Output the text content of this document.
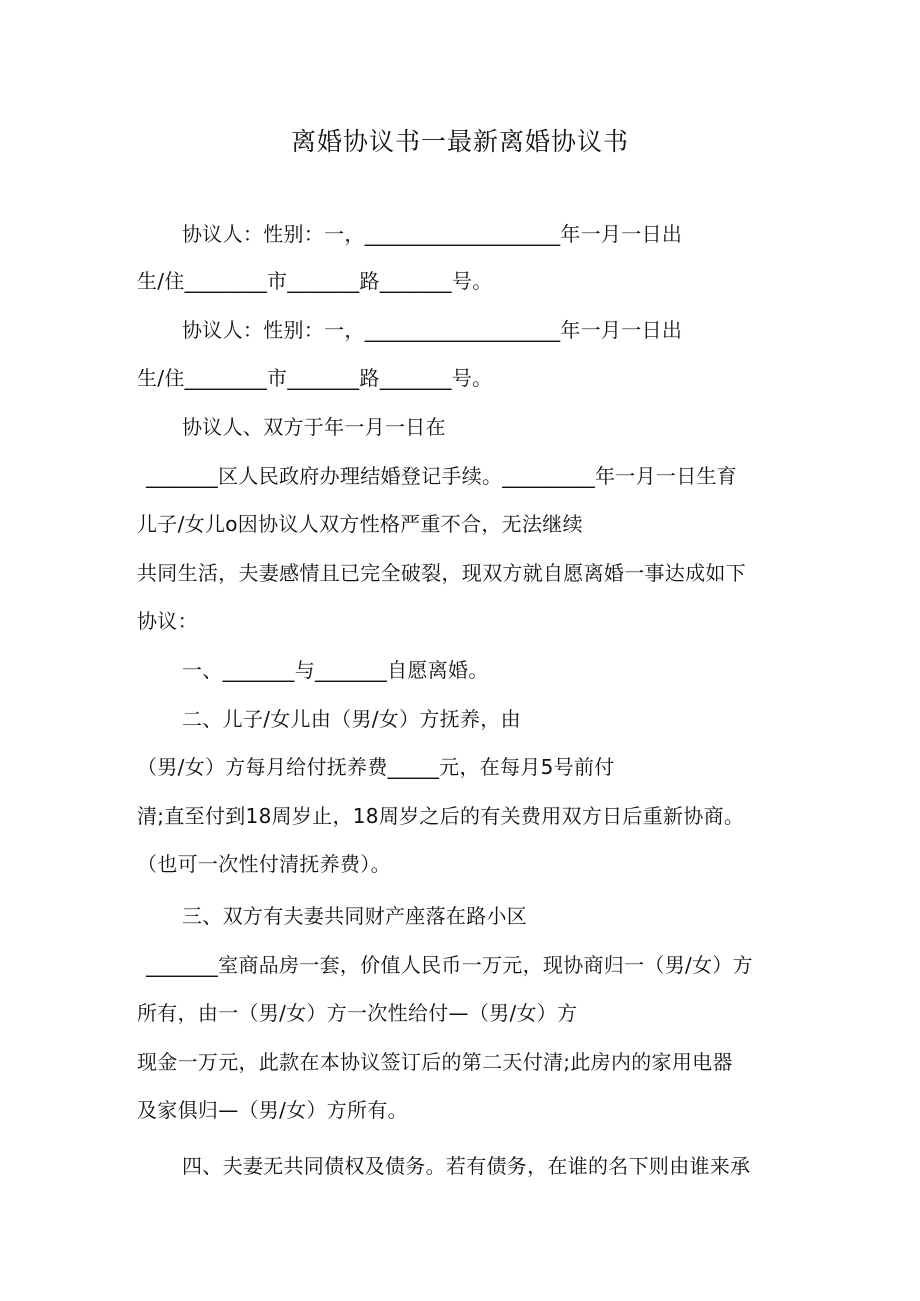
离婚协议书一最新离婚协议书
协议人：性别：一，___________________年一月一日出
生/住________市_______路_______号。
协议人：性别：一，___________________年一月一日出
生/住________市_______路_______号。
协议人、双方于年一月一日在
_______区人民政府办理结婚登记手续。_________年一月一日生育
儿子/女儿o因协议人双方性格严重不合，无法继续
共同生活，夫妻感情且已完全破裂，现双方就自愿离婚一事达成如下
协议：
一、_______与_______自愿离婚。
二、儿子/女儿由（男/女）方抚养，由
（男/女）方每月给付抚养费_____元，在每月5号前付
清;直至付到18周岁止，18周岁之后的有关费用双方日后重新协商。
（也可一次性付清抚养费）。
三、双方有夫妻共同财产座落在路小区
_______室商品房一套，价值人民币一万元，现协商归一（男/女）方
所有，由一（男/女）方一次性给付—（男/女）方
现金一万元，此款在本协议签订后的第二天付清;此房内的家用电器
及家俱归—（男/女）方所有。
四、夫妻无共同债权及债务。若有债务，在谁的名下则由谁来承
